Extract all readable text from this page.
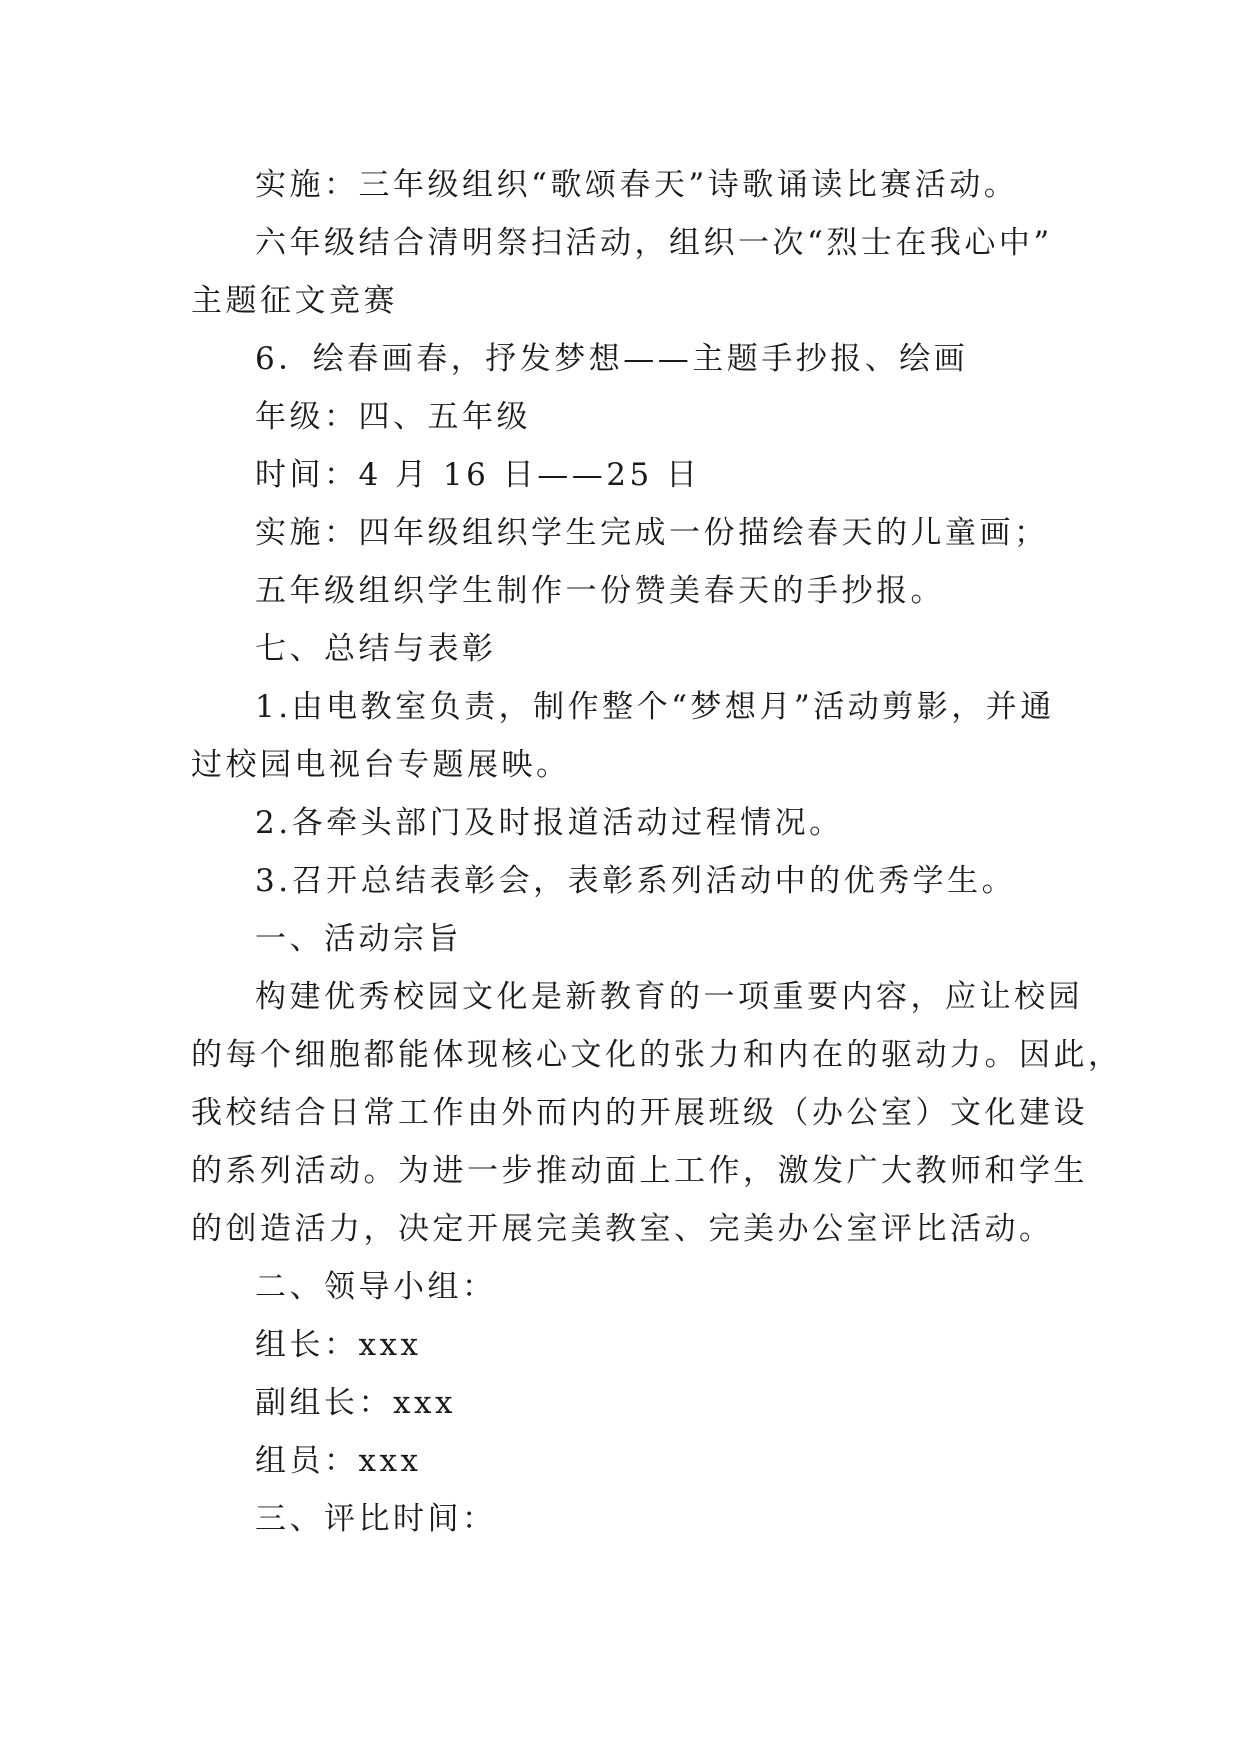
实施：三年级组织“歌颂春天”诗歌诵读比赛活动。
六年级结合清明祭扫活动，组织一次“烈士在我心中”
主题征文竞赛
6．绘春画春，抒发梦想——主题手抄报、绘画
年级：四、五年级
时间：4 月 16 日——25 日
实施：四年级组织学生完成一份描绘春天的儿童画；
五年级组织学生制作一份赞美春天的手抄报。
七、总结与表彰
1.由电教室负责，制作整个“梦想月”活动剪影，并通
过校园电视台专题展映。
2.各牵头部门及时报道活动过程情况。
3.召开总结表彰会，表彰系列活动中的优秀学生。
一、活动宗旨
构建优秀校园文化是新教育的一项重要内容，应让校园
的每个细胞都能体现核心文化的张力和内在的驱动力。因此，
我校结合日常工作由外而内的开展班级（办公室）文化建设
的系列活动。为进一步推动面上工作，激发广大教师和学生
的创造活力，决定开展完美教室、完美办公室评比活动。
二、领导小组：
组长：xxx
副组长：xxx
组员：xxx
三、评比时间：
